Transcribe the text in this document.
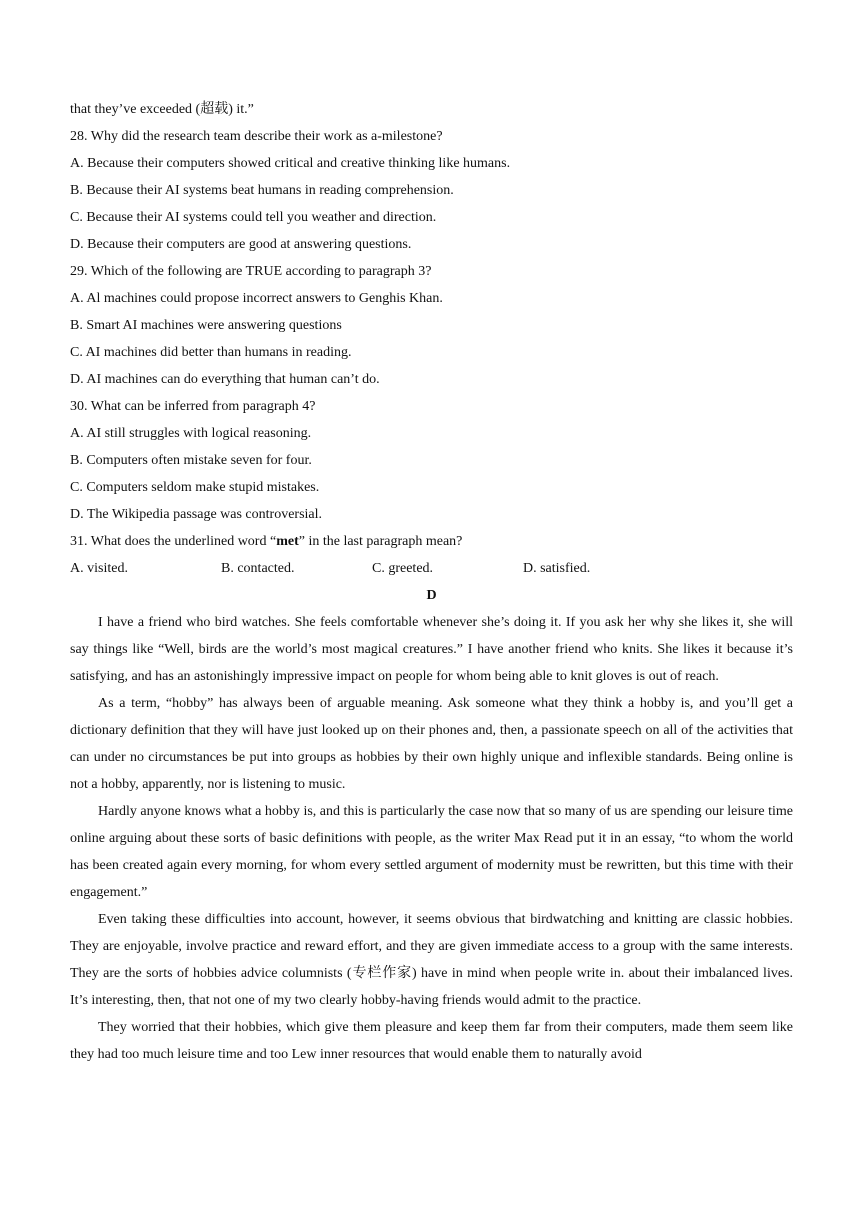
that they’ve exceeded (超载) it.”
28. Why did the research team describe their work as a-milestone?
A. Because their computers showed critical and creative thinking like humans.
B. Because their AI systems beat humans in reading comprehension.
C. Because their AI systems could tell you weather and direction.
D. Because their computers are good at answering questions.
29. Which of the following are TRUE according to paragraph 3?
A. Al machines could propose incorrect answers to Genghis Khan.
B. Smart AI machines were answering questions
C. AI machines did better than humans in reading.
D. AI machines can do everything that human can’t do.
30. What can be inferred from paragraph 4?
A. AI still struggles with logical reasoning.
B. Computers often mistake seven for four.
C. Computers seldom make stupid mistakes.
D. The Wikipedia passage was controversial.
31. What does the underlined word “met” in the last paragraph mean?
A. visited.	B. contacted.	C. greeted.	D. satisfied.
D

I have a friend who bird watches. She feels comfortable whenever she’s doing it. If you ask her why she likes it, she will say things like “Well, birds are the world’s most magical creatures.” I have another friend who knits. She likes it because it’s satisfying, and has an astonishingly impressive impact on people for whom being able to knit gloves is out of reach.

As a term, “hobby” has always been of arguable meaning. Ask someone what they think a hobby is, and you’ll get a dictionary definition that they will have just looked up on their phones and, then, a passionate speech on all of the activities that can under no circumstances be put into groups as hobbies by their own highly unique and inflexible standards. Being online is not a hobby, apparently, nor is listening to music.

Hardly anyone knows what a hobby is, and this is particularly the case now that so many of us are spending our leisure time online arguing about these sorts of basic definitions with people, as the writer Max Read put it in an essay, “to whom the world has been created again every morning, for whom every settled argument of modernity must be rewritten, but this time with their engagement.”

Even taking these difficulties into account, however, it seems obvious that birdwatching and knitting are classic hobbies. They are enjoyable, involve practice and reward effort, and they are given immediate access to a group with the same interests. They are the sorts of hobbies advice columnists (专栏作家) have in mind when people write in. about their imbalanced lives. It’s interesting, then, that not one of my two clearly hobby-having friends would admit to the practice.

They worried that their hobbies, which give them pleasure and keep them far from their computers, made them seem like they had too much leisure time and too Lew inner resources that would enable them to naturally avoid
